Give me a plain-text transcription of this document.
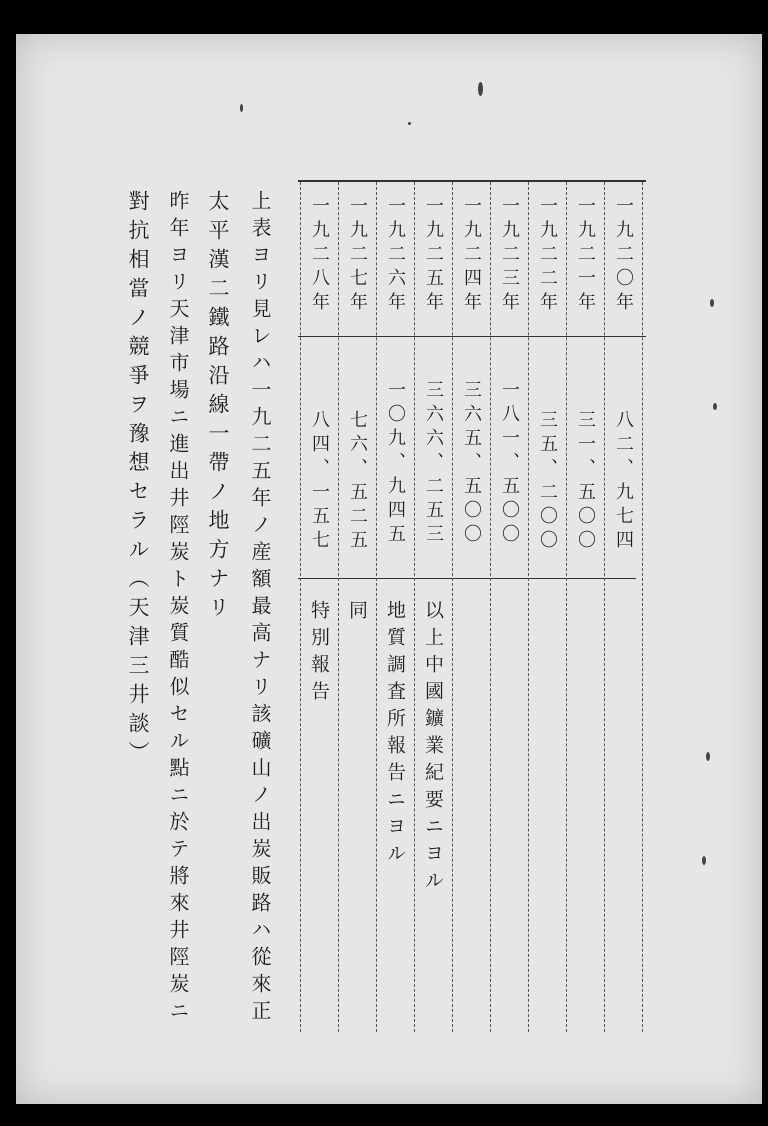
一九二〇年
一九二一年
一九二二年
一九二三年
一九二四年
一九二五年
一九二六年
一九二七年
一九二八年
八二、九七四
三一、五〇〇
三五、二〇〇
一八一、五〇〇
三六五、五〇〇
三六六、二五三
一〇九、九四五
七六、五二五
八四、一五七
以上中國鑛業紀要ニヨル
地質調査所報告ニヨル
同
特別報告
上表ヨリ見レハ一九二五年ノ産額最高ナリ該礦山ノ出炭販路ハ從來正
太平漢二鐵路沿線一帶ノ地方ナリ
昨年ヨリ天津市場ニ進出井陘炭ト炭質酷似セル點ニ於テ將來井陘炭ニ
對抗相當ノ競爭ヲ豫想セラル（天津三井談）
